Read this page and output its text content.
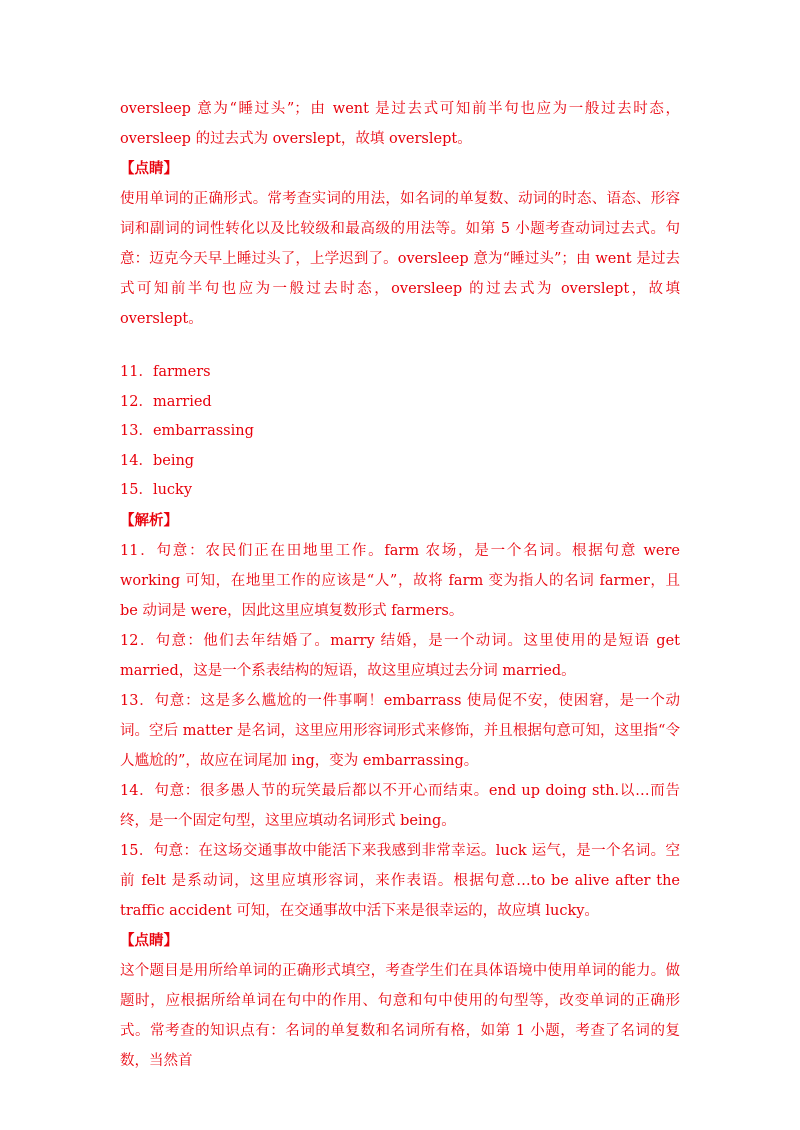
oversleep 意为“睡过头”；由 went 是过去式可知前半句也应为一般过去时态，oversleep 的过去式为 overslept，故填 overslept。

【点睛】

使用单词的正确形式。常考查实词的用法，如名词的单复数、动词的时态、语态、形容词和副词的词性转化以及比较级和最高级的用法等。如第 5 小题考查动词过去式。句意：迈克今天早上睡过头了，上学迟到了。oversleep 意为“睡过头”；由 went 是过去式可知前半句也应为一般过去时态，oversleep 的过去式为 overslept，故填 overslept。

11．farmers

12．married

13．embarrassing

14．being

15．lucky

【解析】

11．句意：农民们正在田地里工作。farm 农场，是一个名词。根据句意 were working 可知，在地里工作的应该是“人”，故将 farm 变为指人的名词 farmer，且 be 动词是 were，因此这里应填复数形式 farmers。

12．句意：他们去年结婚了。marry 结婚，是一个动词。这里使用的是短语 get married，这是一个系表结构的短语，故这里应填过去分词 married。

13．句意：这是多么尴尬的一件事啊！embarrass 使局促不安，使困窘，是一个动词。空后 matter 是名词，这里应用形容词形式来修饰，并且根据句意可知，这里指“令人尴尬的”，故应在词尾加 ing，变为 embarrassing。

14．句意：很多愚人节的玩笑最后都以不开心而结束。end up doing sth.以…而告终，是一个固定句型，这里应填动名词形式 being。

15．句意：在这场交通事故中能活下来我感到非常幸运。luck 运气，是一个名词。空前 felt 是系动词，这里应填形容词，来作表语。根据句意…to be alive after the traffic accident 可知，在交通事故中活下来是很幸运的，故应填 lucky。

【点睛】

这个题目是用所给单词的正确形式填空，考查学生们在具体语境中使用单词的能力。做题时，应根据所给单词在句中的作用、句意和句中使用的句型等，改变单词的正确形式。常考查的知识点有：名词的单复数和名词所有格，如第 1 小题，考查了名词的复数，当然首
